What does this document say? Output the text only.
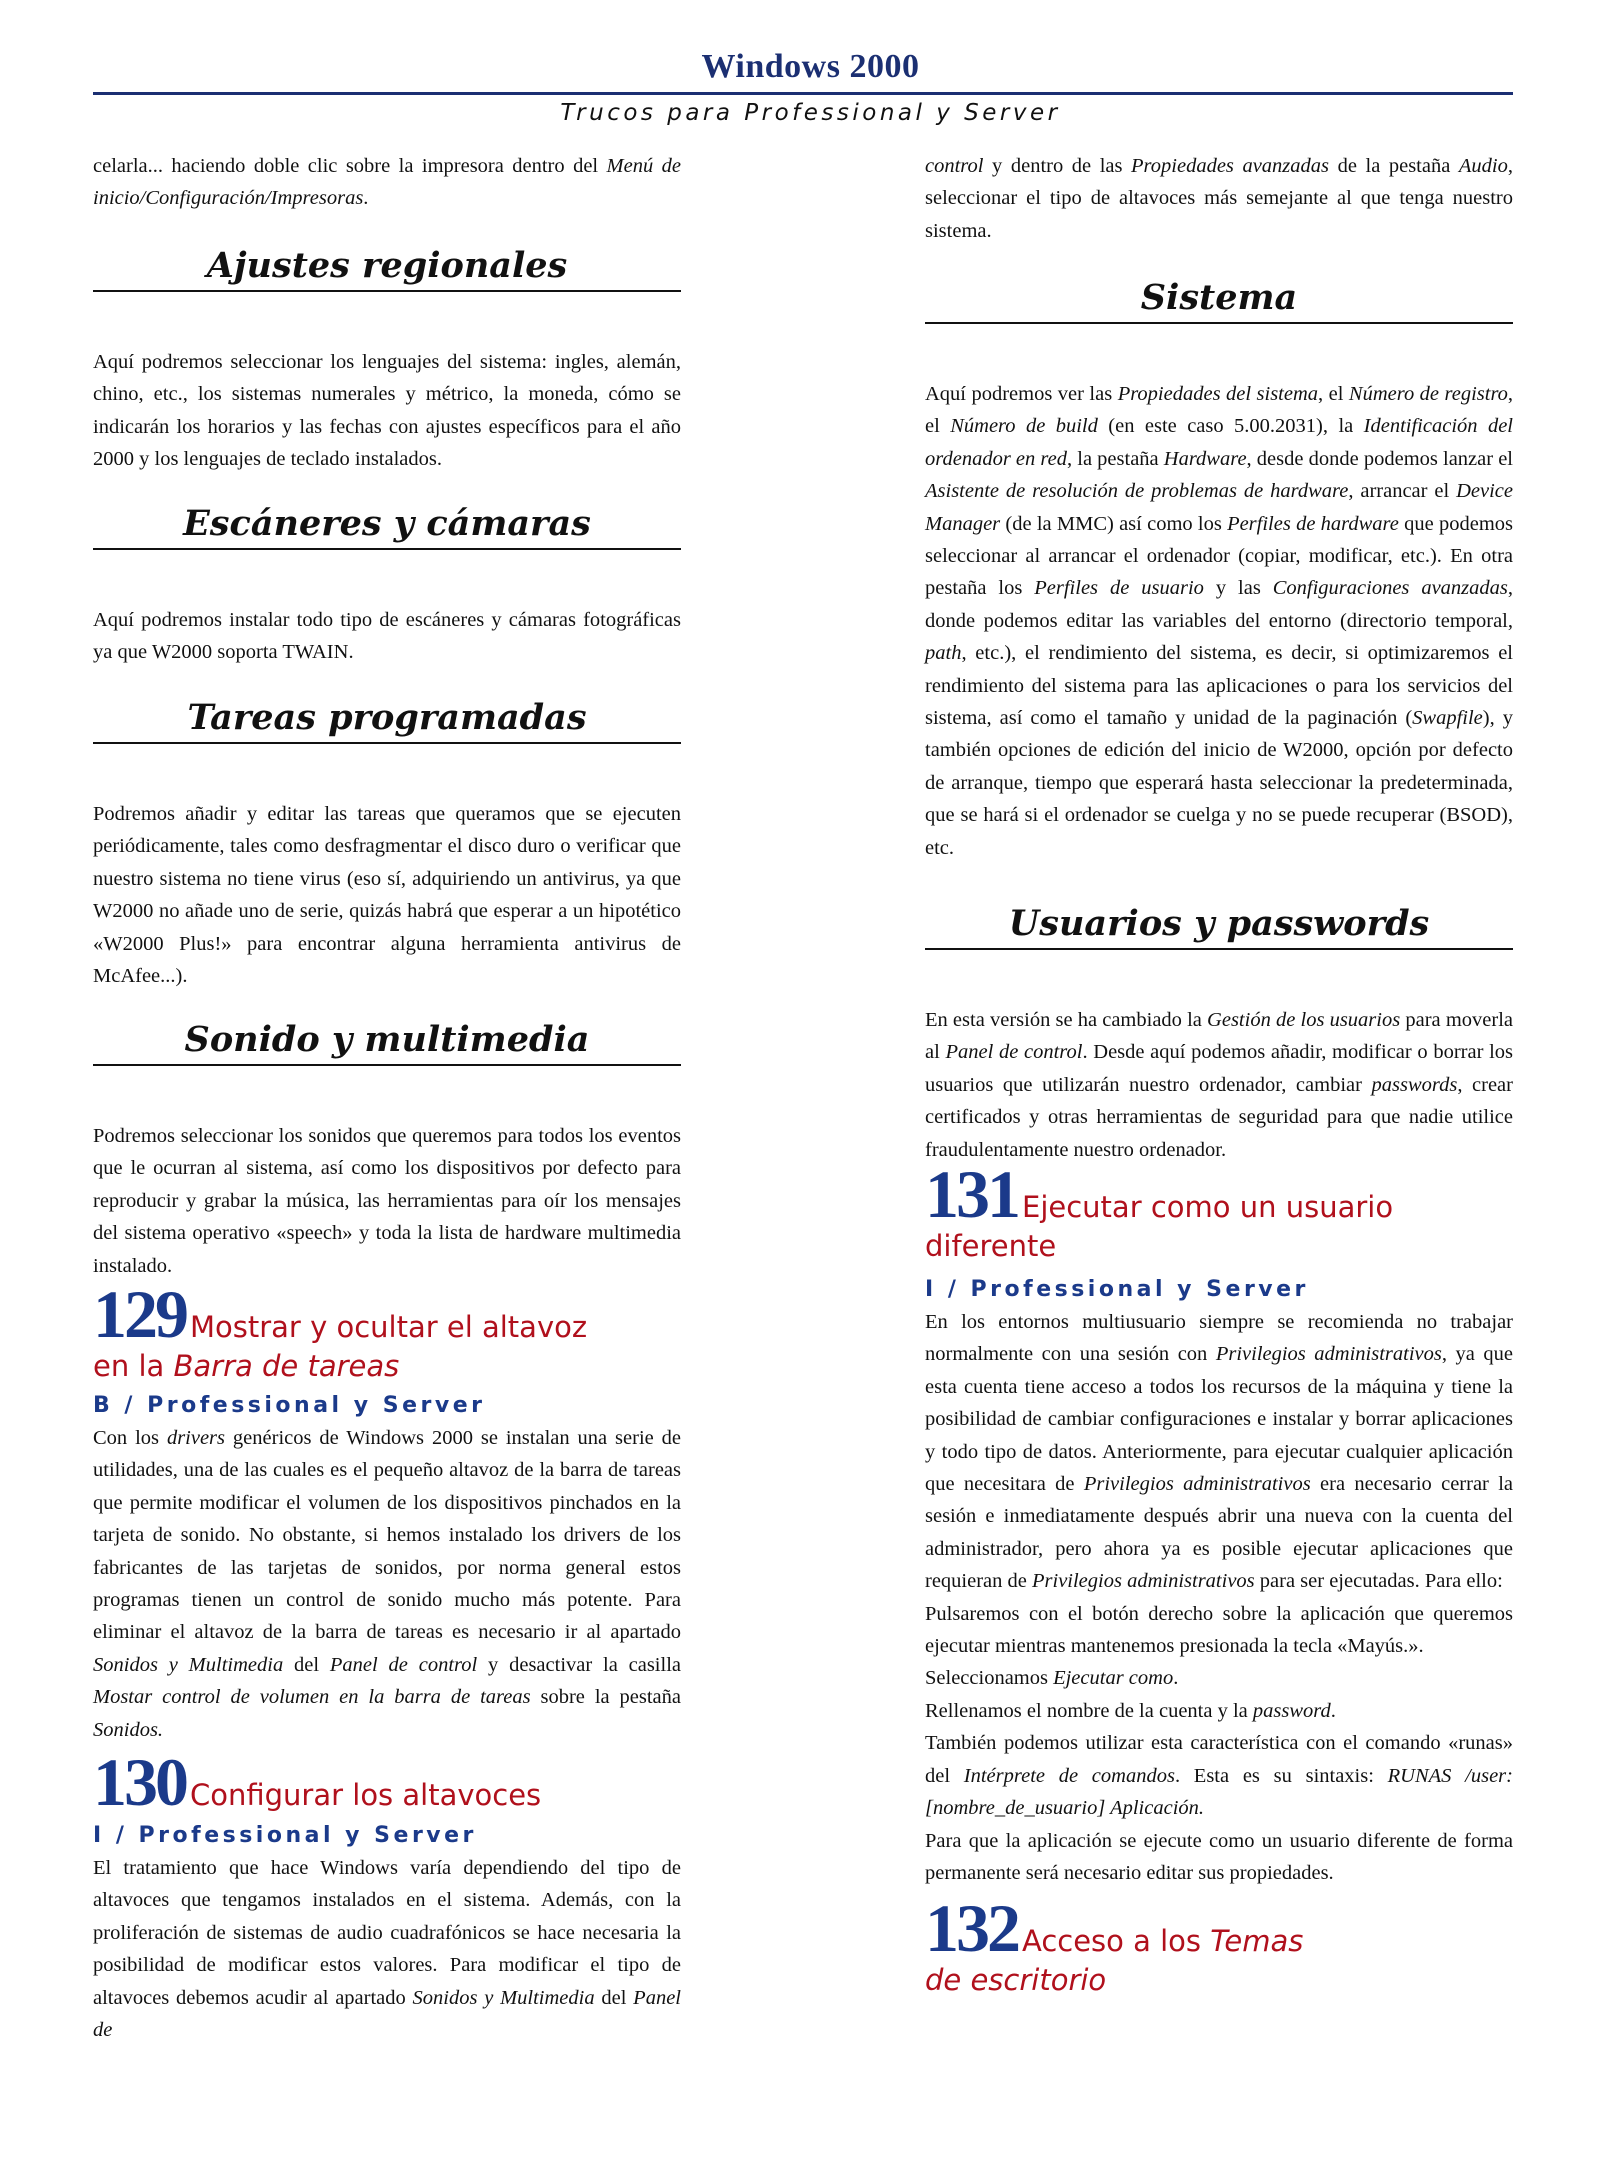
Windows 2000
Trucos para Professional y Server

celarla... haciendo doble clic sobre la impresora dentro del Menú de inicio/Configuración/Impresoras.

Ajustes regionales

Aquí podremos seleccionar los lenguajes del sistema: ingles, alemán, chino, etc., los sistemas numerales y métrico, la moneda, cómo se indicarán los horarios y las fechas con ajustes específicos para el año 2000 y los lenguajes de teclado instalados.

Escáneres y cámaras

Aquí podremos instalar todo tipo de escáneres y cámaras fotográficas ya que W2000 soporta TWAIN.

Tareas programadas

Podremos añadir y editar las tareas que queramos que se ejecuten periódicamente, tales como desfragmentar el disco duro o verificar que nuestro sistema no tiene virus (eso sí, adquiriendo un antivirus, ya que W2000 no añade uno de serie, quizás habrá que esperar a un hipotético «W2000 Plus!» para encontrar alguna herramienta antivirus de McAfee...).

Sonido y multimedia

Podremos seleccionar los sonidos que queremos para todos los eventos que le ocurran al sistema, así como los dispositivos por defecto para reproducir y grabar la música, las herramientas para oír los mensajes del sistema operativo «speech» y toda la lista de hardware multimedia instalado.

129 Mostrar y ocultar el altavoz
en la Barra de tareas

B / Professional y Server

Con los drivers genéricos de Windows 2000 se instalan una serie de utilidades, una de las cuales es el pequeño altavoz de la barra de tareas que permite modificar el volumen de los dispositivos pinchados en la tarjeta de sonido. No obstante, si hemos instalado los drivers de los fabricantes de las tarjetas de sonidos, por norma general estos programas tienen un control de sonido mucho más potente. Para eliminar el altavoz de la barra de tareas es necesario ir al apartado Sonidos y Multimedia del Panel de control y desactivar la casilla Mostar control de volumen en la barra de tareas sobre la pestaña Sonidos.

130 Configurar los altavoces

I / Professional y Server

El tratamiento que hace Windows varía dependiendo del tipo de altavoces que tengamos instalados en el sistema. Además, con la proliferación de sistemas de audio cuadrafónicos se hace necesaria la posibilidad de modificar estos valores. Para modificar el tipo de altavoces debemos acudir al apartado Sonidos y Multimedia del Panel de

control y dentro de las Propiedades avanzadas de la pestaña Audio, seleccionar el tipo de altavoces más semejante al que tenga nuestro sistema.

Sistema

Aquí podremos ver las Propiedades del sistema, el Número de registro, el Número de build (en este caso 5.00.2031), la Identificación del ordenador en red, la pestaña Hardware, desde donde podemos lanzar el Asistente de resolución de problemas de hardware, arrancar el Device Manager (de la MMC) así como los Perfiles de hardware que podemos seleccionar al arrancar el ordenador (copiar, modificar, etc.). En otra pestaña los Perfiles de usuario y las Configuraciones avanzadas, donde podemos editar las variables del entorno (directorio temporal, path, etc.), el rendimiento del sistema, es decir, si optimizaremos el rendimiento del sistema para las aplicaciones o para los servicios del sistema, así como el tamaño y unidad de la paginación (Swapfile), y también opciones de edición del inicio de W2000, opción por defecto de arranque, tiempo que esperará hasta seleccionar la predeterminada, que se hará si el ordenador se cuelga y no se puede recuperar (BSOD), etc.

Usuarios y passwords

En esta versión se ha cambiado la Gestión de los usuarios para moverla al Panel de control. Desde aquí podemos añadir, modificar o borrar los usuarios que utilizarán nuestro ordenador, cambiar passwords, crear certificados y otras herramientas de seguridad para que nadie utilice fraudulentamente nuestro ordenador.

131 Ejecutar como un usuario
diferente

I / Professional y Server

En los entornos multiusuario siempre se recomienda no trabajar normalmente con una sesión con Privilegios administrativos, ya que esta cuenta tiene acceso a todos los recursos de la máquina y tiene la posibilidad de cambiar configuraciones e instalar y borrar aplicaciones y todo tipo de datos. Anteriormente, para ejecutar cualquier aplicación que necesitara de Privilegios administrativos era necesario cerrar la sesión e inmediatamente después abrir una nueva con la cuenta del administrador, pero ahora ya es posible ejecutar aplicaciones que requieran de Privilegios administrativos para ser ejecutadas. Para ello:

Pulsaremos con el botón derecho sobre la aplicación que queremos ejecutar mientras mantenemos presionada la tecla «Mayús.».

Seleccionamos Ejecutar como.

Rellenamos el nombre de la cuenta y la password.

También podemos utilizar esta característica con el comando «runas» del Intérprete de comandos. Esta es su sintaxis: RUNAS /user:[nombre_de_usuario] Aplicación.

Para que la aplicación se ejecute como un usuario diferente de forma permanente será necesario editar sus propiedades.

132 Acceso a los Temas
de escritorio
